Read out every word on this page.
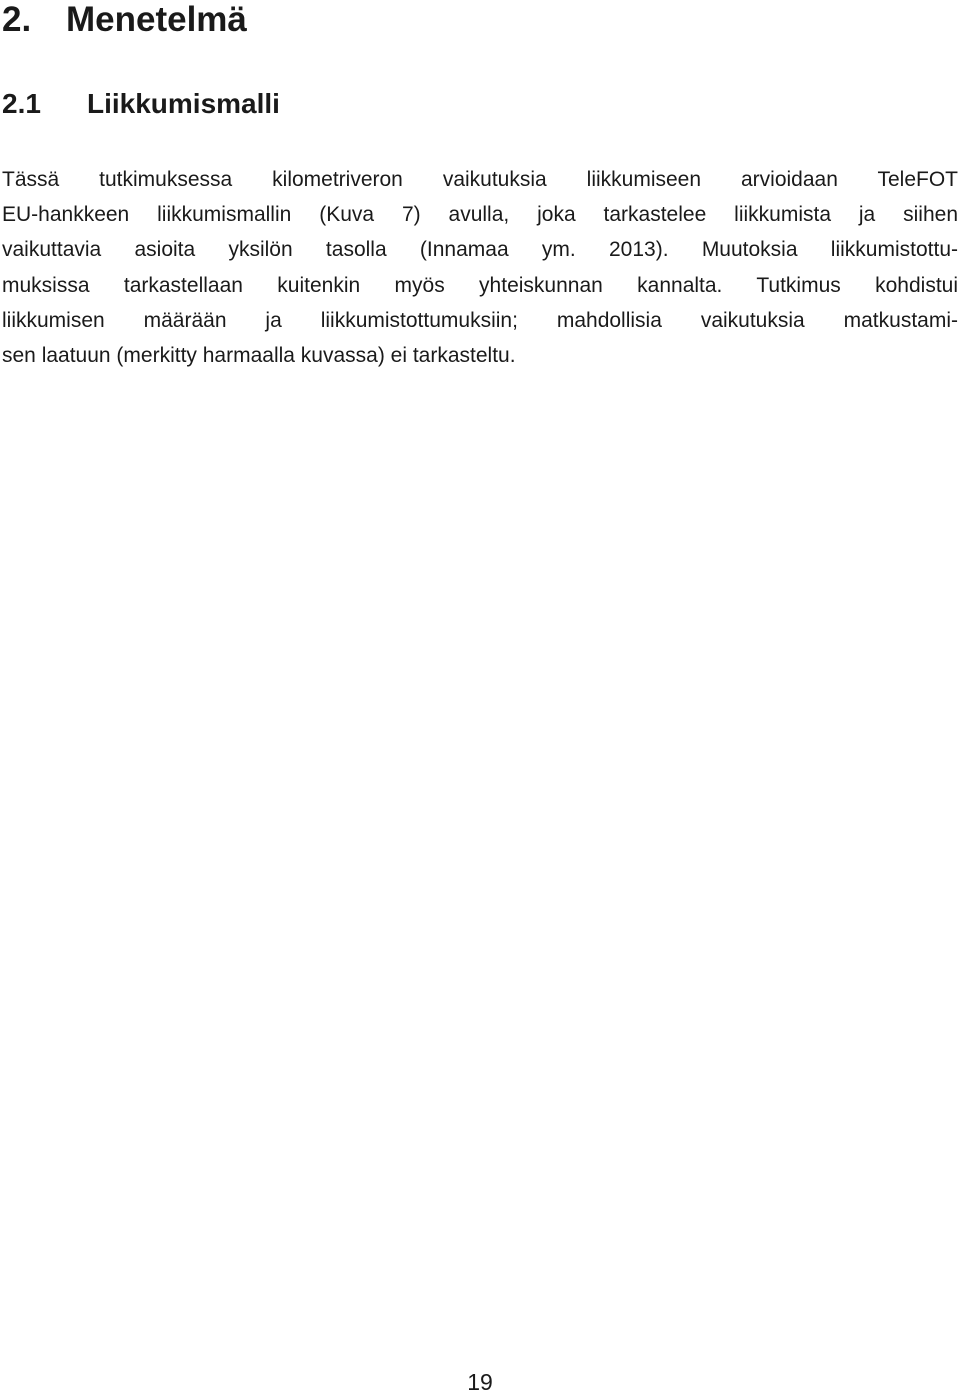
2. Menetelmä
2.1 Liikkumismalli

Tässä tutkimuksessa kilometriveron vaikutuksia liikkumiseen arvioidaan TeleFOT
EU-hankkeen liikkumismallin (Kuva 7) avulla, joka tarkastelee liikkumista ja siihen
vaikuttavia asioita yksilön tasolla (Innamaa ym. 2013). Muutoksia liikkumistottu-
muksissa tarkastellaan kuitenkin myös yhteiskunnan kannalta. Tutkimus kohdistui
liikkumisen määrään ja liikkumistottumuksiin; mahdollisia vaikutuksia matkustami-
sen laatuun (merkitty harmaalla kuvassa) ei tarkasteltu.

19
